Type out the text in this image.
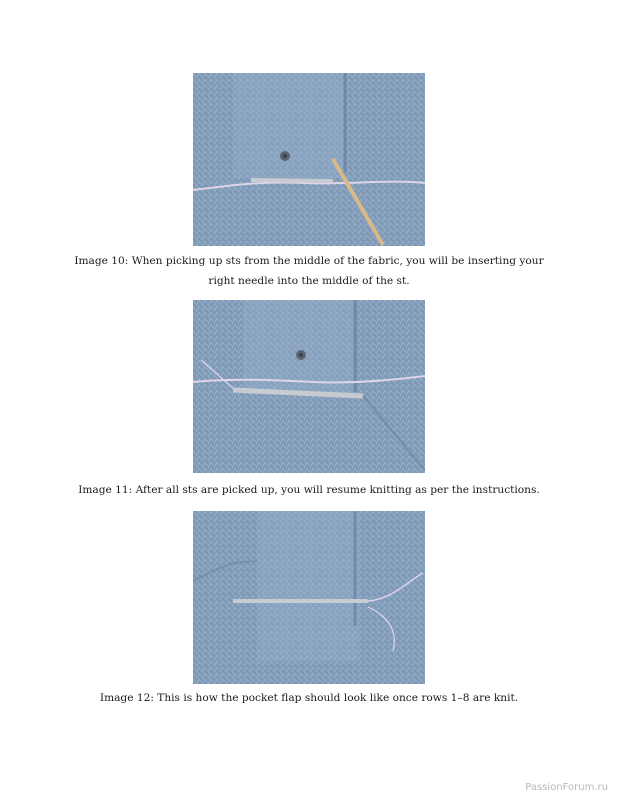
Image 10: When picking up sts from the middle of the fabric, you will be inserting your
right needle into the middle of the st.
Image 11: After all sts are picked up, you will resume knitting as per the instructions.
Image 12: This is how the pocket flap should look like once rows 1–8 are knit.
PassionForum.ru
